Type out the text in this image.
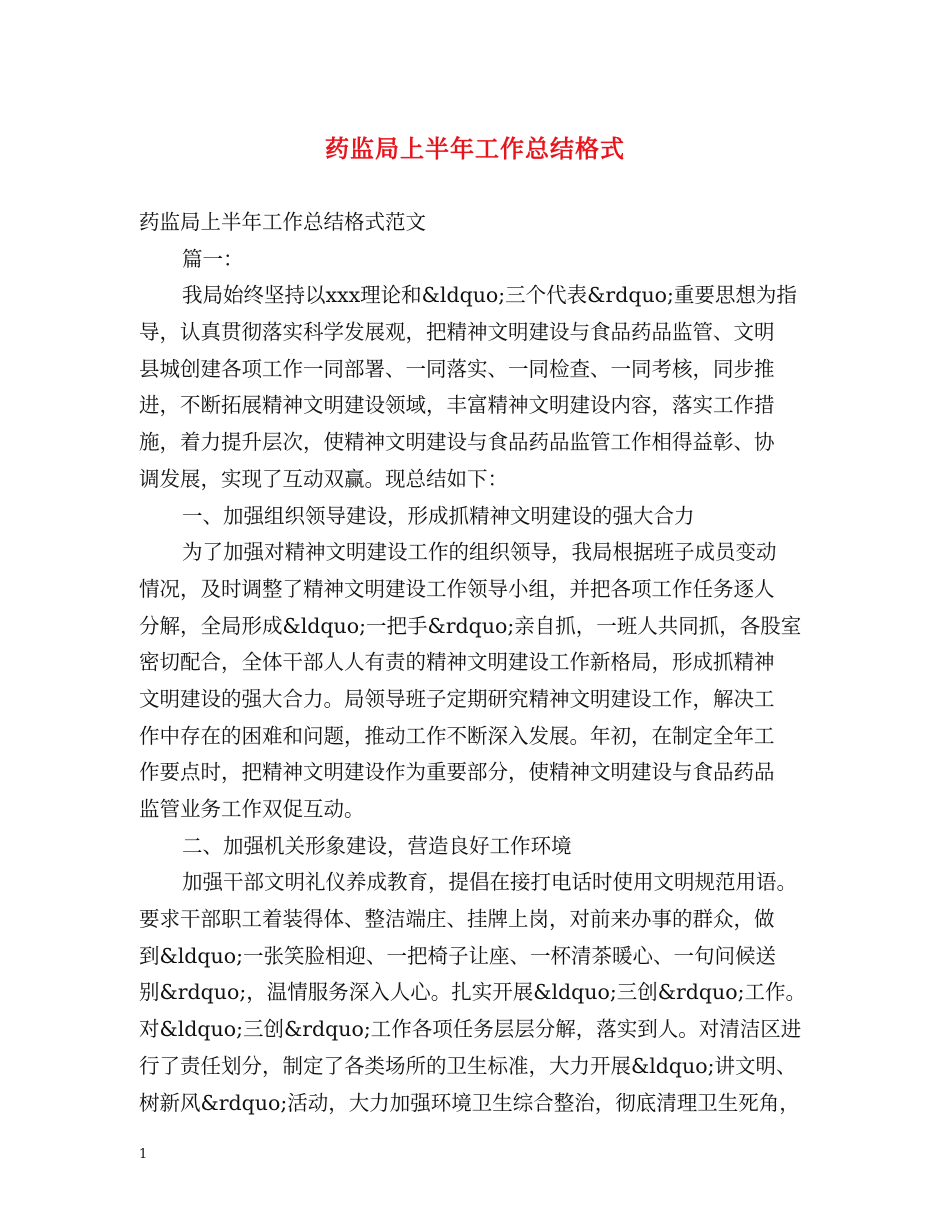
药监局上半年工作总结格式
药监局上半年工作总结格式范文
篇一：
我局始终坚持以xxx理论和&ldquo;三个代表&rdquo;重要思想为指
导，认真贯彻落实科学发展观，把精神文明建设与食品药品监管、文明
县城创建各项工作一同部署、一同落实、一同检查、一同考核，同步推
进，不断拓展精神文明建设领域，丰富精神文明建设内容，落实工作措
施，着力提升层次，使精神文明建设与食品药品监管工作相得益彰、协
调发展，实现了互动双赢。现总结如下：
一、加强组织领导建设，形成抓精神文明建设的强大合力
为了加强对精神文明建设工作的组织领导，我局根据班子成员变动
情况，及时调整了精神文明建设工作领导小组，并把各项工作任务逐人
分解，全局形成&ldquo;一把手&rdquo;亲自抓，一班人共同抓，各股室
密切配合，全体干部人人有责的精神文明建设工作新格局，形成抓精神
文明建设的强大合力。局领导班子定期研究精神文明建设工作，解决工
作中存在的困难和问题，推动工作不断深入发展。年初，在制定全年工
作要点时，把精神文明建设作为重要部分，使精神文明建设与食品药品
监管业务工作双促互动。
二、加强机关形象建设，营造良好工作环境
加强干部文明礼仪养成教育，提倡在接打电话时使用文明规范用语。
要求干部职工着装得体、整洁端庄、挂牌上岗，对前来办事的群众，做
到&ldquo;一张笑脸相迎、一把椅子让座、一杯清茶暖心、一句问候送
别&rdquo;，温情服务深入人心。扎实开展&ldquo;三创&rdquo;工作。
对&ldquo;三创&rdquo;工作各项任务层层分解，落实到人。对清洁区进
行了责任划分，制定了各类场所的卫生标准，大力开展&ldquo;讲文明、
树新风&rdquo;活动，大力加强环境卫生综合整治，彻底清理卫生死角，
1
